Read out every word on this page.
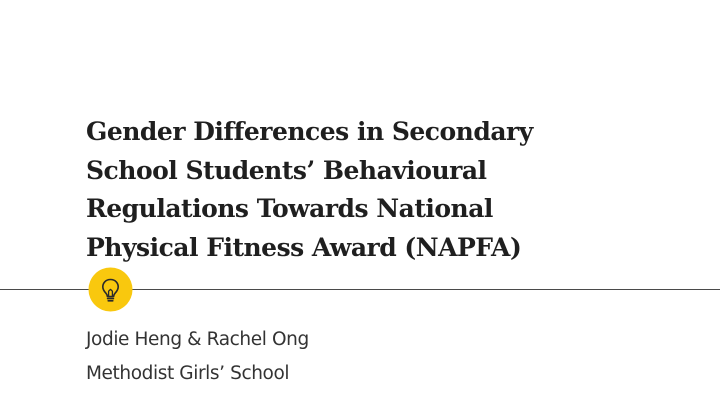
Gender Differences in Secondary
School Students’ Behavioural
Regulations Towards National
Physical Fitness Award (NAPFA)
Jodie Heng & Rachel Ong
Methodist Girls’ School
